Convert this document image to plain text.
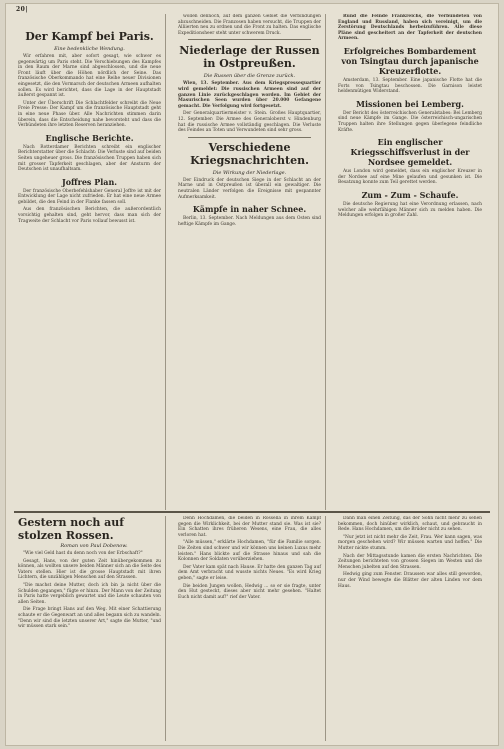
20|
Der Kampf bei Paris.
Eine bedenkliche Wendung.

Wir erfahren mit, aber sofort gesagt, wie schwer es gegenwärtig um Paris steht. Die Verschiebungen des Kampfes in den Raum der Marne sind abgeschlossen, und die neue Front läuft über die Höhen nördlich der Seine. Das französische Oberkommando hat eine Reihe neuer Divisionen eingesetzt, die den Vormarsch der deutschen Armeen aufhalten sollen. Es wird berichtet, dass die Lage in der Hauptstadt äußerst gespannt ist.

Unter der Überschrift Die Schlachtfelder schreibt die Neue Freie Presse: Der Kampf um die französische Hauptstadt geht in eine neue Phase über. Alle Nachrichten stimmen darin überein, dass die Entscheidung nahe bevorsteht und dass die Verbündeten ihre letzten Reserven heranziehen.

Englische Berichte.

Nach Rotterdamer Berichten schreibt ein englischer Berichterstatter über die Schlacht: Die Verluste sind auf beiden Seiten ungeheuer gross. Die französischen Truppen haben sich mit grosser Tapferkeit geschlagen, aber der Ansturm der Deutschen ist unaufhaltsam.

Joffres Plan.

Der französische Oberbefehlshaber General Joffre ist mit der Entwicklung der Lage nicht zufrieden. Er hat eine neue Armee gebildet, die den Feind in der Flanke fassen soll.

Aus den französischen Berichten, die außerordentlich vorsichtig gehalten sind, geht hervor, dass man sich der Tragweite der Schlacht vor Paris vollauf bewusst ist.

wollen dennoch, auf dem ganzen Gebiet die Verbindungen abzuschneiden. Die Franzosen haben versucht, die Truppen der Alliierten neu zu ordnen und die Front zu halten. Das englische Expeditionsheer steht unter schwerem Druck.

Niederlage der Russen in Ostpreußen.
Die Russen über die Grenze zurück.

Wien, 13. September. Aus dem Kriegspressequartier wird gemeldet: Die russischen Armeen sind auf der ganzen Linie zurückgeschlagen worden. Im Gebiet der Masurischen Seen wurden über 20.000 Gefangene gemacht. Die Verfolgung wird fortgesetzt.

Der Generalquartiermeister v. Stein. Großes Hauptquartier, 12. September: Die Armee des Generaloberst v. Hindenburg hat die russische Armee vollständig geschlagen. Die Verluste des Feindes an Toten und Verwundeten sind sehr gross.

Verschiedene Kriegsnachrichten.
Die Wirkung der Niederlage.

Der Eindruck der deutschen Siege in der Schlacht an der Marne und in Ostpreußen ist überall ein gewaltiger. Die neutralen Länder verfolgen die Ereignisse mit gespannter Aufmerksamkeit.

Kämpfe in naher Schnee.

Berlin, 13. September. Nach Meldungen aus dem Osten sind heftige Kämpfe im Gange.

Rund die Feinde Frankreichs, die Verbündeten von England und Russland, haben sich vereinigt, um die Zerstörung Deutschlands herbeizuführen. Alle diese Pläne sind gescheitert an der Tapferkeit der deutschen Armeen.

Erfolgreiches Bombardement von Tsingtau durch japanische Kreuzerflotte.

Amsterdam, 13. September. Eine japanische Flotte hat die Forts von Tsingtau beschossen. Die Garnison leistet heldenmütigen Widerstand.

Missionen bei Lemberg.

Der Bericht des österreichischen Generalstabes: Bei Lemberg sind neue Kämpfe im Gange. Die österreichisch-ungarischen Truppen halten ihre Stellungen gegen überlegene feindliche Kräfte.

Ein englischer Kriegsschiffsverlust in der Nordsee gemeldet.

Aus London wird gemeldet, dass ein englischer Kreuzer in der Nordsee auf eine Mine gelaufen und gesunken ist. Die Besatzung konnte zum Teil gerettet werden.

Zum - Zum - Schaufe.

Die deutsche Regierung hat eine Verordnung erlassen, nach welcher alle wehrfähigen Männer sich zu melden haben. Die Meldungen erfolgen in großer Zahl.

Gestern noch auf stolzen Rossen.
Roman von Paul Dobenow.

"Wie viel Geld hast du denn noch von der Erbschaft?"

Gesagt, Hans, von der guten Zeit hinübergekommen zu können, als wollten unsere beiden Männer sich an die Seite des Vaters stellen. Hier ist die grosse Hauptstadt mit ihren Lichtern, die unzähligen Menschen auf den Strassen.

"Die machst deine Mutter, doch ich bin ja nicht über die Schulden gegangen," fügte er hinzu. Der Mann von der Zeitung in Paris hatte vergeblich gewartet und die Leute schauten von allen Seiten.

Die Frage bringt Hans auf den Weg. Mit einer Schattierung schaute er die Gegenwart an und alles begann sich zu wandeln. "Denn wir sind die letzten unserer Art," sagte die Mutter, "und wir müssen stark sein."

Denn Hochdamen, die beiden in Rossella in ihrem Kampf gegen die Wirklichkeit, bei der Mutter stand sie. Was ist sie? Ein Schatten ihres früheren Wesens, eine Frau, die alles verloren hat.

"Alle müssen," erklärte Hochdamen, "für die Familie sorgen. Die Zeiten sind schwer und wir können uns keinen Luxus mehr leisten." Hans blickte auf die Strasse hinaus und sah die Kolonnen der Soldaten vorüberziehen.

Der Vater kam spät nach Hause. Er hatte den ganzen Tag auf dem Amt verbracht und wusste nichts Neues. "Es wird Krieg geben," sagte er leise.

Die beiden Jungen wollen, Hedwig ... so er sie fragte, unter den Hut gesteckt, dieses aber nicht mehr gesehen. "Haltet Euch nicht damit auf!" rief der Vater.

Dann man einen Zeitung, das der Sohn nicht mehr zu sehen bekommen, doch hinüber wirklich, schaut, und gebraucht in Rede. Hans Hochdamen, um die Brüder nicht zu sehen.

"Nur jetzt ist nicht mehr die Zeit, Frau. Wer kann sagen, was morgen geschehen wird? Wir müssen warten und hoffen." Die Mutter nickte stumm.

Nach der Mittagsstunde kamen die ersten Nachrichten. Die Zeitungen berichteten von grossen Siegen im Westen und die Menschen jubelten auf den Strassen.

Hedwig ging zum Fenster. Draussen war alles still geworden, nur der Wind bewegte die Blätter der alten Linden vor dem Haus.
